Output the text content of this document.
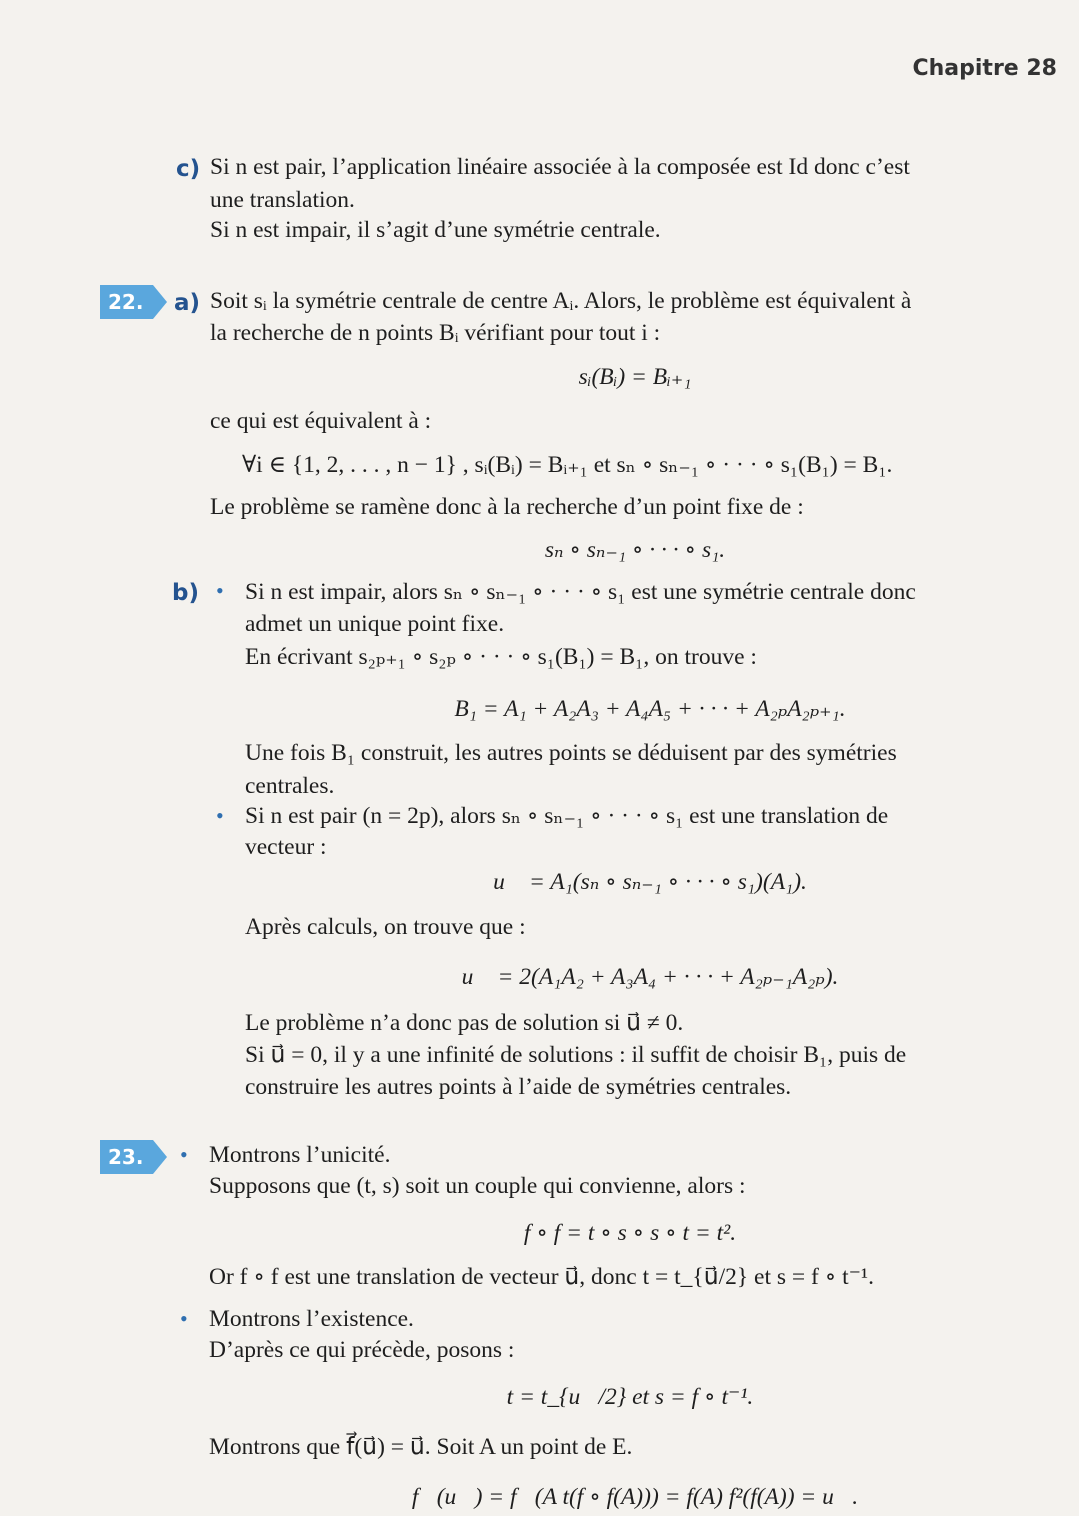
Chapitre 28
c) Si n est pair, l’application linéaire associée à la composée est Id donc c’est
une translation.
Si n est impair, il s’agit d’une symétrie centrale.
22.	a) Soit sᵢ la symétrie centrale de centre Aᵢ. Alors, le problème est équivalent à
la recherche de n points Bᵢ vérifiant pour tout i :
sᵢ(Bᵢ) = Bᵢ₊₁
ce qui est équivalent à :
∀i ∈ {1, 2, . . . , n − 1} , sᵢ(Bᵢ) = Bᵢ₊₁ et sₙ ∘ sₙ₋₁ ∘ · · · ∘ s₁(B₁) = B₁.
Le problème se ramène donc à la recherche d’un point fixe de :
sₙ ∘ sₙ₋₁ ∘ · · · ∘ s₁.
b) • Si n est impair, alors sₙ ∘ sₙ₋₁ ∘ · · · ∘ s₁ est une symétrie centrale donc
admet un unique point fixe.
En écrivant s₂ₚ₊₁ ∘ s₂ₚ ∘ · · · ∘ s₁(B₁) = B₁, on trouve :
B₁ = A₁ + A₂A₃ + A₄A₅ + · · · + A₂ₚA₂ₚ₊₁.
Une fois B₁ construit, les autres points se déduisent par des symétries
centrales.
• Si n est pair (n = 2p), alors sₙ ∘ sₙ₋₁ ∘ · · · ∘ s₁ est une translation de
vecteur :
u⃗ = A₁(sₙ ∘ sₙ₋₁ ∘ · · · ∘ s₁)(A₁).
Après calculs, on trouve que :
u⃗ = 2(A₁A₂ + A₃A₄ + · · · + A₂ₚ₋₁A₂ₚ).
Le problème n’a donc pas de solution si u⃗ ≠ 0.
Si u⃗ = 0, il y a une infinité de solutions : il suffit de choisir B₁, puis de
construire les autres points à l’aide de symétries centrales.
23.	• Montrons l’unicité.
Supposons que (t, s) soit un couple qui convienne, alors :
f ∘ f = t ∘ s ∘ s ∘ t = t².
Or f ∘ f est une translation de vecteur u⃗, donc t = t_{u⃗/2} et s = f ∘ t⁻¹.
• Montrons l’existence.
D’après ce qui précède, posons :
t = t_{u⃗/2} et s = f ∘ t⁻¹.
Montrons que f⃗(u⃗) = u⃗. Soit A un point de E.
f⃗(u⃗) = f⃗(A t(f ∘ f(A))) = f(A) f²(f(A)) = u⃗.
